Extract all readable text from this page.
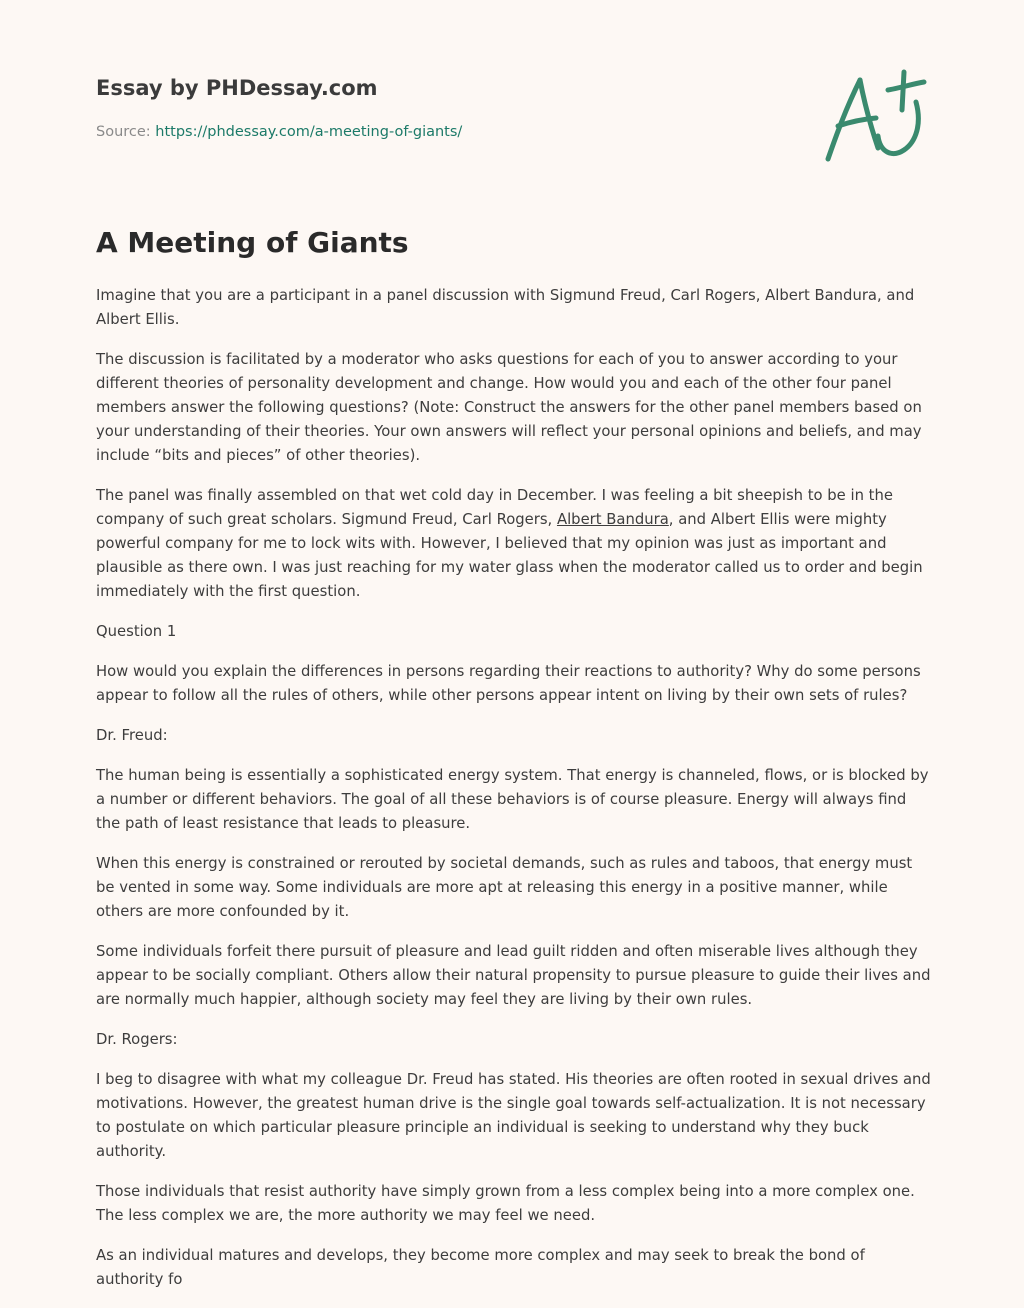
Essay by PHDessay.com

Source: https://phdessay.com/a-meeting-of-giants/

A Meeting of Giants

Imagine that you are a participant in a panel discussion with Sigmund Freud, Carl Rogers, Albert Bandura, and Albert Ellis.

The discussion is facilitated by a moderator who asks questions for each of you to answer according to your different theories of personality development and change. How would you and each of the other four panel members answer the following questions? (Note: Construct the answers for the other panel members based on your understanding of their theories. Your own answers will reflect your personal opinions and beliefs, and may include “bits and pieces” of other theories).

The panel was finally assembled on that wet cold day in December. I was feeling a bit sheepish to be in the company of such great scholars. Sigmund Freud, Carl Rogers, Albert Bandura, and Albert Ellis were mighty powerful company for me to lock wits with. However, I believed that my opinion was just as important and plausible as there own. I was just reaching for my water glass when the moderator called us to order and begin immediately with the first question.

Question 1

How would you explain the differences in persons regarding their reactions to authority? Why do some persons appear to follow all the rules of others, while other persons appear intent on living by their own sets of rules?

Dr. Freud:

The human being is essentially a sophisticated energy system. That energy is channeled, flows, or is blocked by a number or different behaviors. The goal of all these behaviors is of course pleasure. Energy will always find the path of least resistance that leads to pleasure.

When this energy is constrained or rerouted by societal demands, such as rules and taboos, that energy must be vented in some way. Some individuals are more apt at releasing this energy in a positive manner, while others are more confounded by it.

Some individuals forfeit there pursuit of pleasure and lead guilt ridden and often miserable lives although they appear to be socially compliant. Others allow their natural propensity to pursue pleasure to guide their lives and are normally much happier, although society may feel they are living by their own rules.

Dr. Rogers:

I beg to disagree with what my colleague Dr. Freud has stated. His theories are often rooted in sexual drives and motivations. However, the greatest human drive is the single goal towards self-actualization. It is not necessary to postulate on which particular pleasure principle an individual is seeking to understand why they buck authority.

Those individuals that resist authority have simply grown from a less complex being into a more complex one. The less complex we are, the more authority we may feel we need.

As an individual matures and develops, they become more complex and may seek to break the bond of authority fo
